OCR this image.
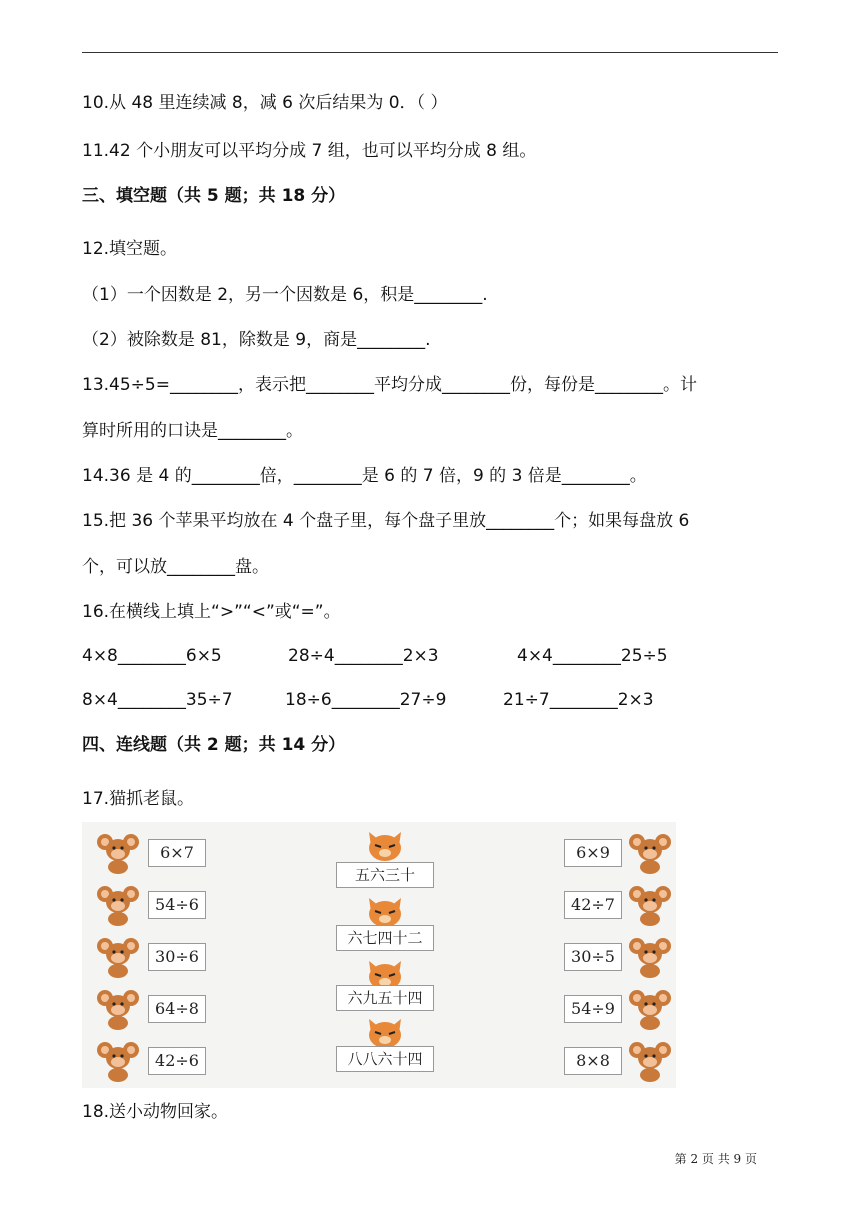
10.从 48 里连续减 8，减 6 次后结果为 0．（ ）
11.42 个小朋友可以平均分成 7 组，也可以平均分成 8 组。
三、填空题（共 5 题；共 18 分）
12.填空题。
（1）一个因数是 2，另一个因数是 6，积是________.
（2）被除数是 81，除数是 9，商是________.
13.45÷5=________，表示把________平均分成________份，每份是________。计
算时所用的口诀是________。
14.36 是 4 的________倍，________是 6 的 7 倍，9 的 3 倍是________。
15.把 36 个苹果平均放在 4 个盘子里，每个盘子里放________个；如果每盘放 6
个，可以放________盘。
16.在横线上填上“>”“<”或“=”。
4×8________6×5	28÷4________2×3	4×4________25÷5
8×4________35÷7	18÷6________27÷9	21÷7________2×3
四、连线题（共 2 题；共 14 分）
17.猫抓老鼠。
6×7
54÷6
30÷6
64÷8
42÷6
五六三十
六七四十二
六九五十四
八八六十四
6×9
42÷7
30÷5
54÷9
8×8
18.送小动物回家。
第 2 页 共 9 页
